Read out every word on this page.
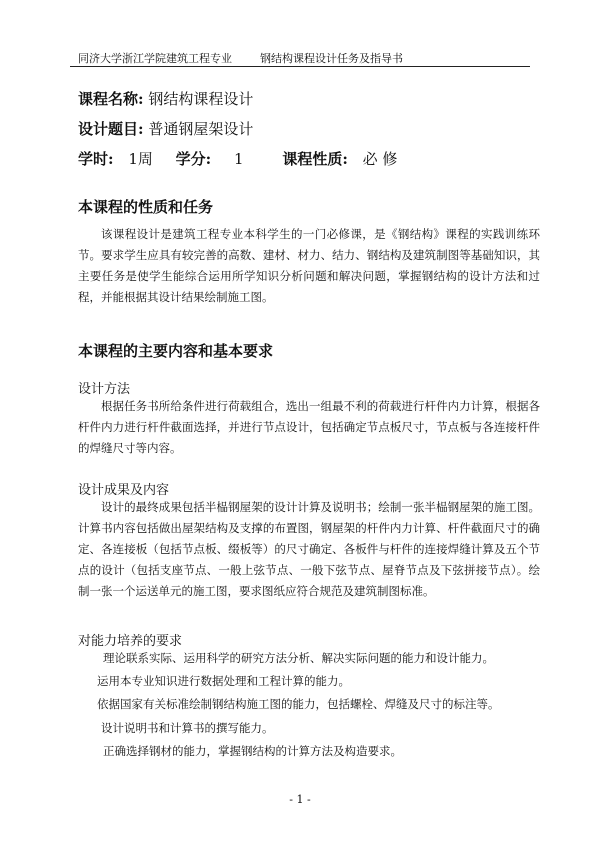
同济大学浙江学院建筑工程专业	钢结构课程设计任务及指导书
课程名称: 钢结构课程设计
设计题目: 普通钢屋架设计
学时: 1周 学分: 1	课程性质: 必 修
本课程的性质和任务
该课程设计是建筑工程专业本科学生的一门必修课，是《钢结构》课程的实践训练环节。要求学生应具有较完善的高数、建材、材力、结力、钢结构及建筑制图等基础知识，其主要任务是使学生能综合运用所学知识分析问题和解决问题，掌握钢结构的设计方法和过程，并能根据其设计结果绘制施工图。
本课程的主要内容和基本要求
设计方法
根据任务书所给条件进行荷载组合，选出一组最不利的荷载进行杆件内力计算，根据各杆件内力进行杆件截面选择，并进行节点设计，包括确定节点板尺寸，节点板与各连接杆件的焊缝尺寸等内容。
设计成果及内容
设计的最终成果包括半榀钢屋架的设计计算及说明书；绘制一张半榀钢屋架的施工图。计算书内容包括做出屋架结构及支撑的布置图，钢屋架的杆件内力计算、杆件截面尺寸的确定、各连接板（包括节点板、缀板等）的尺寸确定、各板件与杆件的连接焊缝计算及五个节点的设计（包括支座节点、一般上弦节点、一般下弦节点、屋脊节点及下弦拼接节点）。绘制一张一个运送单元的施工图，要求图纸应符合规范及建筑制图标准。
对能力培养的要求
理论联系实际、运用科学的研究方法分析、解决实际问题的能力和设计能力。
运用本专业知识进行数据处理和工程计算的能力。
依据国家有关标准绘制钢结构施工图的能力，包括螺栓、焊缝及尺寸的标注等。
设计说明书和计算书的撰写能力。
正确选择钢材的能力，掌握钢结构的计算方法及构造要求。
- 1 -
